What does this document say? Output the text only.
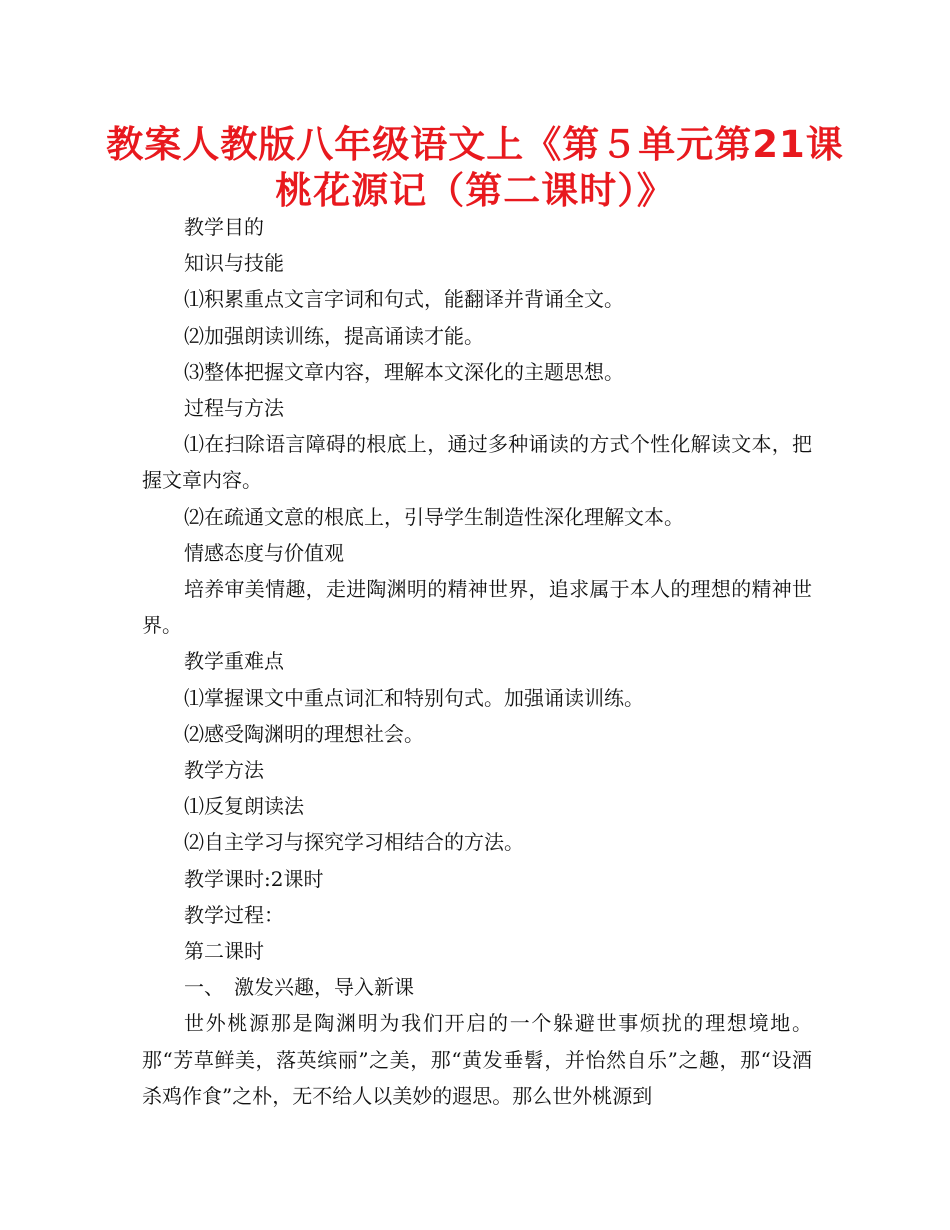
教案人教版八年级语文上《第５单元第21课桃花源记（第二课时）》

教学目的

知识与技能

⑴积累重点文言字词和句式，能翻译并背诵全文。

⑵加强朗读训练，提高诵读才能。

⑶整体把握文章内容，理解本文深化的主题思想。

过程与方法

⑴在扫除语言障碍的根底上，通过多种诵读的方式个性化解读文本，把握文章内容。

⑵在疏通文意的根底上，引导学生制造性深化理解文本。

情感态度与价值观

培养审美情趣，走进陶渊明的精神世界，追求属于本人的理想的精神世界。

教学重难点

⑴掌握课文中重点词汇和特别句式。加强诵读训练。

⑵感受陶渊明的理想社会。

教学方法

⑴反复朗读法

⑵自主学习与探究学习相结合的方法。

教学课时:2课时

教学过程：

第二课时

一、　激发兴趣，导入新课

世外桃源那是陶渊明为我们开启的一个躲避世事烦扰的理想境地。那“芳草鲜美，落英缤丽”之美，那“黄发垂髫，并怡然自乐”之趣，那“设酒杀鸡作食”之朴，无不给人以美妙的遐思。那么世外桃源到
